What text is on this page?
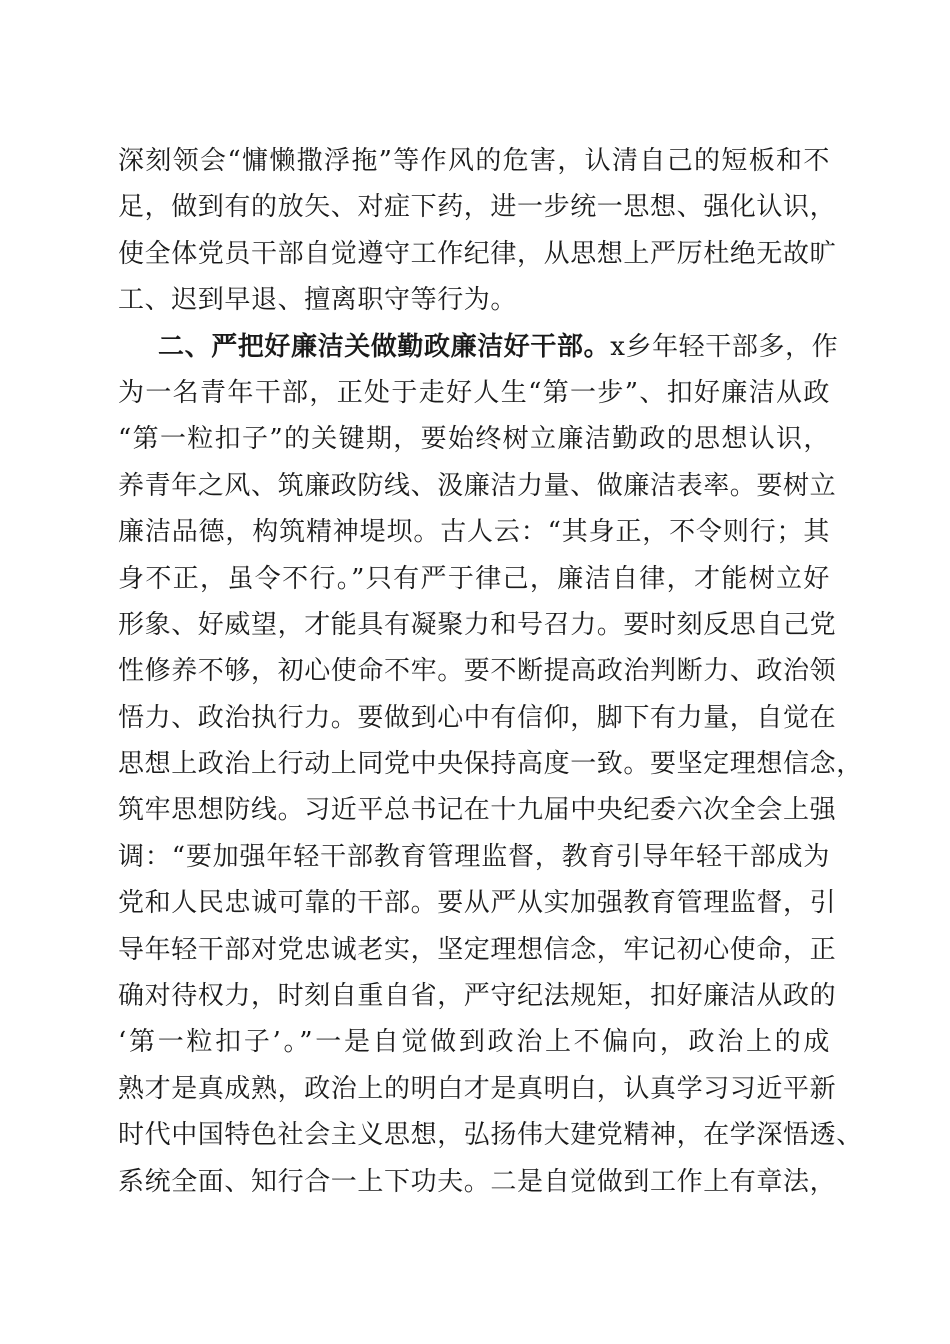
深刻领会“慵懒撒浮拖”等作风的危害，认清自己的短板和不
足，做到有的放矢、对症下药，进一步统一思想、强化认识，
使全体党员干部自觉遵守工作纪律，从思想上严厉杜绝无故旷
工、迟到早退、擅离职守等行为。
二、严把好廉洁关做勤政廉洁好干部。x乡年轻干部多，作
为一名青年干部，正处于走好人生“第一步”、扣好廉洁从政
“第一粒扣子”的关键期，要始终树立廉洁勤政的思想认识，
养青年之风、筑廉政防线、汲廉洁力量、做廉洁表率。要树立
廉洁品德，构筑精神堤坝。古人云：“其身正，不令则行；其
身不正，虽令不行。”只有严于律己，廉洁自律，才能树立好
形象、好威望，才能具有凝聚力和号召力。要时刻反思自己党
性修养不够，初心使命不牢。要不断提高政治判断力、政治领
悟力、政治执行力。要做到心中有信仰，脚下有力量，自觉在
思想上政治上行动上同党中央保持高度一致。要坚定理想信念，
筑牢思想防线。习近平总书记在十九届中央纪委六次全会上强
调：“要加强年轻干部教育管理监督，教育引导年轻干部成为
党和人民忠诚可靠的干部。要从严从实加强教育管理监督，引
导年轻干部对党忠诚老实，坚定理想信念，牢记初心使命，正
确对待权力，时刻自重自省，严守纪法规矩，扣好廉洁从政的
‘第一粒扣子’。”一是自觉做到政治上不偏向，政治上的成
熟才是真成熟，政治上的明白才是真明白，认真学习习近平新
时代中国特色社会主义思想，弘扬伟大建党精神，在学深悟透、
系统全面、知行合一上下功夫。二是自觉做到工作上有章法，
